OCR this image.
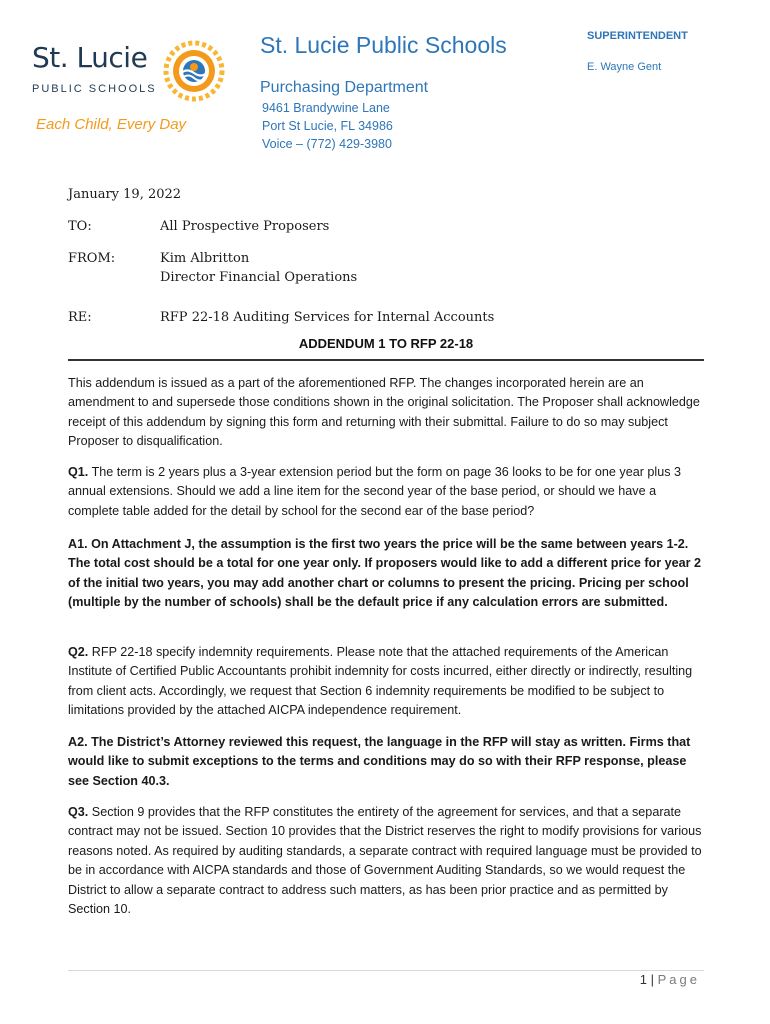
St. Lucie
PUBLIC SCHOOLS
Each Child, Every Day
St. Lucie Public Schools
Purchasing Department
9461 Brandywine Lane
Port St Lucie, FL 34986
Voice – (772) 429-3980
SUPERINTENDENT
E. Wayne Gent
January 19, 2022
TO:	All Prospective Proposers
FROM:	Kim Albritton
Director Financial Operations
RE:	RFP 22-18 Auditing Services for Internal Accounts
ADDENDUM 1 TO RFP 22-18

This addendum is issued as a part of the aforementioned RFP. The changes incorporated herein are an amendment to and supersede those conditions shown in the original solicitation. The Proposer shall acknowledge receipt of this addendum by signing this form and returning with their submittal. Failure to do so may subject Proposer to disqualification.

Q1. The term is 2 years plus a 3-year extension period but the form on page 36 looks to be for one year plus 3 annual extensions. Should we add a line item for the second year of the base period, or should we have a complete table added for the detail by school for the second ear of the base period?

A1. On Attachment J, the assumption is the first two years the price will be the same between years 1-2. The total cost should be a total for one year only. If proposers would like to add a different price for year 2 of the initial two years, you may add another chart or columns to present the pricing. Pricing per school (multiple by the number of schools) shall be the default price if any calculation errors are submitted.

Q2. RFP 22-18 specify indemnity requirements. Please note that the attached requirements of the American Institute of Certified Public Accountants prohibit indemnity for costs incurred, either directly or indirectly, resulting from client acts. Accordingly, we request that Section 6 indemnity requirements be modified to be subject to limitations provided by the attached AICPA independence requirement.

A2. The District’s Attorney reviewed this request, the language in the RFP will stay as written. Firms that would like to submit exceptions to the terms and conditions may do so with their RFP response, please see Section 40.3.

Q3. Section 9 provides that the RFP constitutes the entirety of the agreement for services, and that a separate contract may not be issued. Section 10 provides that the District reserves the right to modify provisions for various reasons noted. As required by auditing standards, a separate contract with required language must be provided to be in accordance with AICPA standards and those of Government Auditing Standards, so we would request the District to allow a separate contract to address such matters, as has been prior practice and as permitted by Section 10.

1 | Page
